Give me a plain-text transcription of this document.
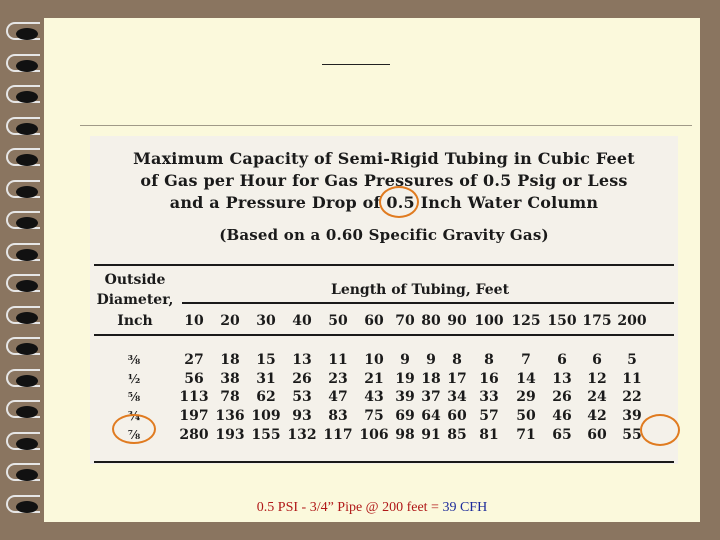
Maximum Capacity of Semi-Rigid Tubing in Cubic Feet
of Gas per Hour for Gas Pressures of 0.5 Psig or Less
and a Pressure Drop of 0.5 Inch Water Column
(Based on a 0.60 Specific Gravity Gas)
Outside
Diameter,
Inch
Length of Tubing, Feet
10	20	30	40	50	60 70 80 90 100 125 150 175 200
⅜	27	18	15	13	11	10	9	9	8	8	7	6	6	5
½	56	38	31	26	23	21 19 18 17 16	14	13	12	11
⅝	113 78	62	53	47	43 39 37 34 33	29	26	24	22
¾	197 136 109 93	83	75 69 64 60 57	50	46	42	39
⅞	280 193 155 132 117 106 98 91 85 81	71	65	60	55
0.5 PSI - 3/4” Pipe @ 200 feet = 39 CFH
